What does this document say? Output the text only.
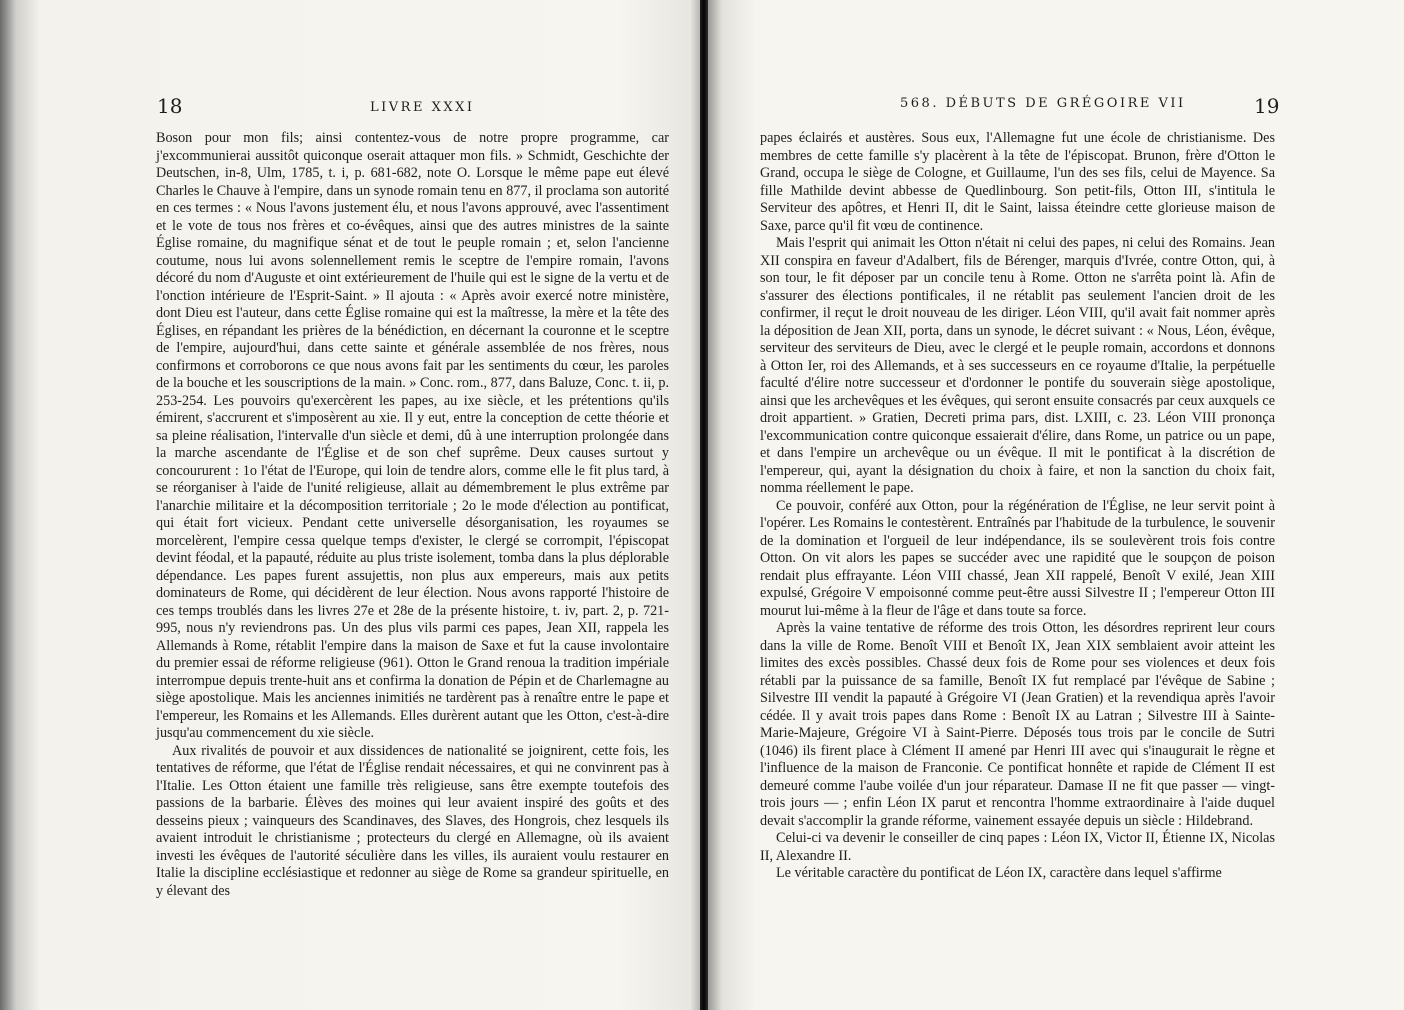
18	LIVRE XXXI

Boson pour mon fils; ainsi contentez-vous de notre propre programme, car j'excommunierai aussitôt quiconque oserait attaquer mon fils. » Schmidt, Geschichte der Deutschen, in-8, Ulm, 1785, t. i, p. 681-682, note O. Lorsque le même pape eut élevé Charles le Chauve à l'empire, dans un synode romain tenu en 877, il proclama son autorité en ces termes : « Nous l'avons justement élu, et nous l'avons approuvé, avec l'assentiment et le vote de tous nos frères et co-évêques, ainsi que des autres ministres de la sainte Église romaine, du magnifique sénat et de tout le peuple romain ; et, selon l'ancienne coutume, nous lui avons solennellement remis le sceptre de l'empire romain, l'avons décoré du nom d'Auguste et oint extérieurement de l'huile qui est le signe de la vertu et de l'onction intérieure de l'Esprit-Saint. » Il ajouta : « Après avoir exercé notre ministère, dont Dieu est l'auteur, dans cette Église romaine qui est la maîtresse, la mère et la tête des Églises, en répandant les prières de la bénédiction, en décernant la couronne et le sceptre de l'empire, aujourd'hui, dans cette sainte et générale assemblée de nos frères, nous confirmons et corroborons ce que nous avons fait par les sentiments du cœur, les paroles de la bouche et les souscriptions de la main. » Conc. rom., 877, dans Baluze, Conc. t. ii, p. 253-254. Les pouvoirs qu'exercèrent les papes, au ixe siècle, et les prétentions qu'ils émirent, s'accrurent et s'imposèrent au xie. Il y eut, entre la conception de cette théorie et sa pleine réalisation, l'intervalle d'un siècle et demi, dû à une interruption prolongée dans la marche ascendante de l'Église et de son chef suprême. Deux causes surtout y concoururent : 1o l'état de l'Europe, qui loin de tendre alors, comme elle le fit plus tard, à se réorganiser à l'aide de l'unité religieuse, allait au démembrement le plus extrême par l'anarchie militaire et la décomposition territoriale ; 2o le mode d'élection au pontificat, qui était fort vicieux. Pendant cette universelle désorganisation, les royaumes se morcelèrent, l'empire cessa quelque temps d'exister, le clergé se corrompit, l'épiscopat devint féodal, et la papauté, réduite au plus triste isolement, tomba dans la plus déplorable dépendance. Les papes furent assujettis, non plus aux empereurs, mais aux petits dominateurs de Rome, qui décidèrent de leur élection. Nous avons rapporté l'histoire de ces temps troublés dans les livres 27e et 28e de la présente histoire, t. iv, part. 2, p. 721-995, nous n'y reviendrons pas. Un des plus vils parmi ces papes, Jean XII, rappela les Allemands à Rome, rétablit l'empire dans la maison de Saxe et fut la cause involontaire du premier essai de réforme religieuse (961). Otton le Grand renoua la tradition impériale interrompue depuis trente-huit ans et confirma la donation de Pépin et de Charlemagne au siège apostolique. Mais les anciennes inimitiés ne tardèrent pas à renaître entre le pape et l'empereur, les Romains et les Allemands. Elles durèrent autant que les Otton, c'est-à-dire jusqu'au commencement du xie siècle.

Aux rivalités de pouvoir et aux dissidences de nationalité se joignirent, cette fois, les tentatives de réforme, que l'état de l'Église rendait nécessaires, et qui ne convinrent pas à l'Italie. Les Otton étaient une famille très religieuse, sans être exempte toutefois des passions de la barbarie. Élèves des moines qui leur avaient inspiré des goûts et des desseins pieux ; vainqueurs des Scandinaves, des Slaves, des Hongrois, chez lesquels ils avaient introduit le christianisme ; protecteurs du clergé en Allemagne, où ils avaient investi les évêques de l'autorité séculière dans les villes, ils auraient voulu restaurer en Italie la discipline ecclésiastique et redonner au siège de Rome sa grandeur spirituelle, en y élevant des

568. DÉBUTS DE GRÉGOIRE VII	19

papes éclairés et austères. Sous eux, l'Allemagne fut une école de christianisme. Des membres de cette famille s'y placèrent à la tête de l'épiscopat. Brunon, frère d'Otton le Grand, occupa le siège de Cologne, et Guillaume, l'un des ses fils, celui de Mayence. Sa fille Mathilde devint abbesse de Quedlinbourg. Son petit-fils, Otton III, s'intitula le Serviteur des apôtres, et Henri II, dit le Saint, laissa éteindre cette glorieuse maison de Saxe, parce qu'il fit vœu de continence.

Mais l'esprit qui animait les Otton n'était ni celui des papes, ni celui des Romains. Jean XII conspira en faveur d'Adalbert, fils de Bérenger, marquis d'Ivrée, contre Otton, qui, à son tour, le fit déposer par un concile tenu à Rome. Otton ne s'arrêta point là. Afin de s'assurer des élections pontificales, il ne rétablit pas seulement l'ancien droit de les confirmer, il reçut le droit nouveau de les diriger. Léon VIII, qu'il avait fait nommer après la déposition de Jean XII, porta, dans un synode, le décret suivant : « Nous, Léon, évêque, serviteur des serviteurs de Dieu, avec le clergé et le peuple romain, accordons et donnons à Otton Ier, roi des Allemands, et à ses successeurs en ce royaume d'Italie, la perpétuelle faculté d'élire notre successeur et d'ordonner le pontife du souverain siège apostolique, ainsi que les archevêques et les évêques, qui seront ensuite consacrés par ceux auxquels ce droit appartient. » Gratien, Decreti prima pars, dist. LXIII, c. 23. Léon VIII prononça l'excommunication contre quiconque essaierait d'élire, dans Rome, un patrice ou un pape, et dans l'empire un archevêque ou un évêque. Il mit le pontificat à la discrétion de l'empereur, qui, ayant la désignation du choix à faire, et non la sanction du choix fait, nomma réellement le pape.

Ce pouvoir, conféré aux Otton, pour la régénération de l'Église, ne leur servit point à l'opérer. Les Romains le contestèrent. Entraînés par l'habitude de la turbulence, le souvenir de la domination et l'orgueil de leur indépendance, ils se soulevèrent trois fois contre Otton. On vit alors les papes se succéder avec une rapidité que le soupçon de poison rendait plus effrayante. Léon VIII chassé, Jean XII rappelé, Benoît V exilé, Jean XIII expulsé, Grégoire V empoisonné comme peut-être aussi Silvestre II ; l'empereur Otton III mourut lui-même à la fleur de l'âge et dans toute sa force.

Après la vaine tentative de réforme des trois Otton, les désordres reprirent leur cours dans la ville de Rome. Benoît VIII et Benoît IX, Jean XIX semblaient avoir atteint les limites des excès possibles. Chassé deux fois de Rome pour ses violences et deux fois rétabli par la puissance de sa famille, Benoît IX fut remplacé par l'évêque de Sabine ; Silvestre III vendit la papauté à Grégoire VI (Jean Gratien) et la revendiqua après l'avoir cédée. Il y avait trois papes dans Rome : Benoît IX au Latran ; Silvestre III à Sainte-Marie-Majeure, Grégoire VI à Saint-Pierre. Déposés tous trois par le concile de Sutri (1046) ils firent place à Clément II amené par Henri III avec qui s'inaugurait le règne et l'influence de la maison de Franconie. Ce pontificat honnête et rapide de Clément II est demeuré comme l'aube voilée d'un jour réparateur. Damase II ne fit que passer — vingt-trois jours — ; enfin Léon IX parut et rencontra l'homme extraordinaire à l'aide duquel devait s'accomplir la grande réforme, vainement essayée depuis un siècle : Hildebrand.

Celui-ci va devenir le conseiller de cinq papes : Léon IX, Victor II, Étienne IX, Nicolas II, Alexandre II.

Le véritable caractère du pontificat de Léon IX, caractère dans lequel s'affirme
